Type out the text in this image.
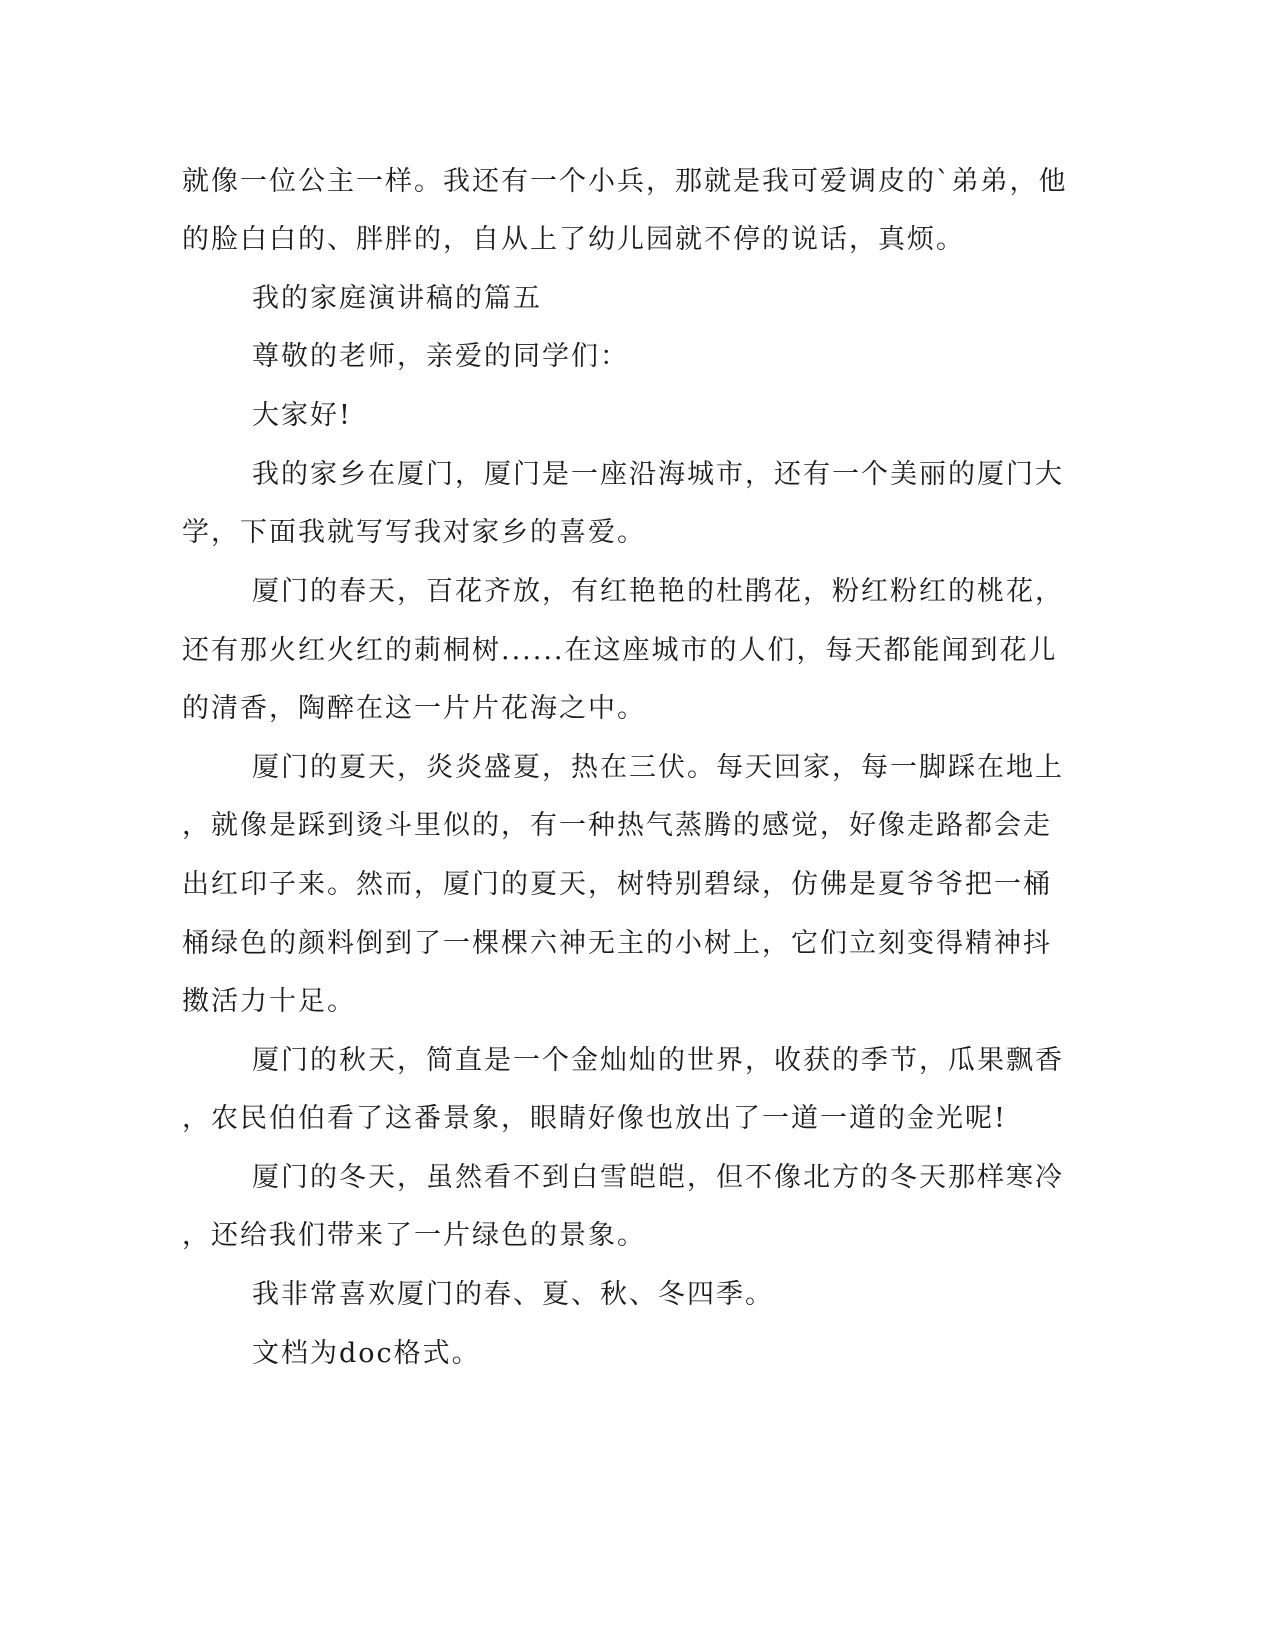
就像一位公主一样。我还有一个小兵，那就是我可爱调皮的`弟弟，他
的脸白白的、胖胖的，自从上了幼儿园就不停的说话，真烦。
我的家庭演讲稿的篇五
尊敬的老师，亲爱的同学们：
大家好!
我的家乡在厦门，厦门是一座沿海城市，还有一个美丽的厦门大
学，下面我就写写我对家乡的喜爱。
厦门的春天，百花齐放，有红艳艳的杜鹃花，粉红粉红的桃花，
还有那火红火红的莿桐树......在这座城市的人们，每天都能闻到花儿
的清香，陶醉在这一片片花海之中。
厦门的夏天，炎炎盛夏，热在三伏。每天回家，每一脚踩在地上
，就像是踩到烫斗里似的，有一种热气蒸腾的感觉，好像走路都会走
出红印子来。然而，厦门的夏天，树特别碧绿，仿佛是夏爷爷把一桶
桶绿色的颜料倒到了一棵棵六神无主的小树上，它们立刻变得精神抖
擞活力十足。
厦门的秋天，简直是一个金灿灿的世界，收获的季节，瓜果飘香
，农民伯伯看了这番景象，眼睛好像也放出了一道一道的金光呢!
厦门的冬天，虽然看不到白雪皑皑，但不像北方的冬天那样寒冷
，还给我们带来了一片绿色的景象。
我非常喜欢厦门的春、夏、秋、冬四季。
文档为doc格式。
